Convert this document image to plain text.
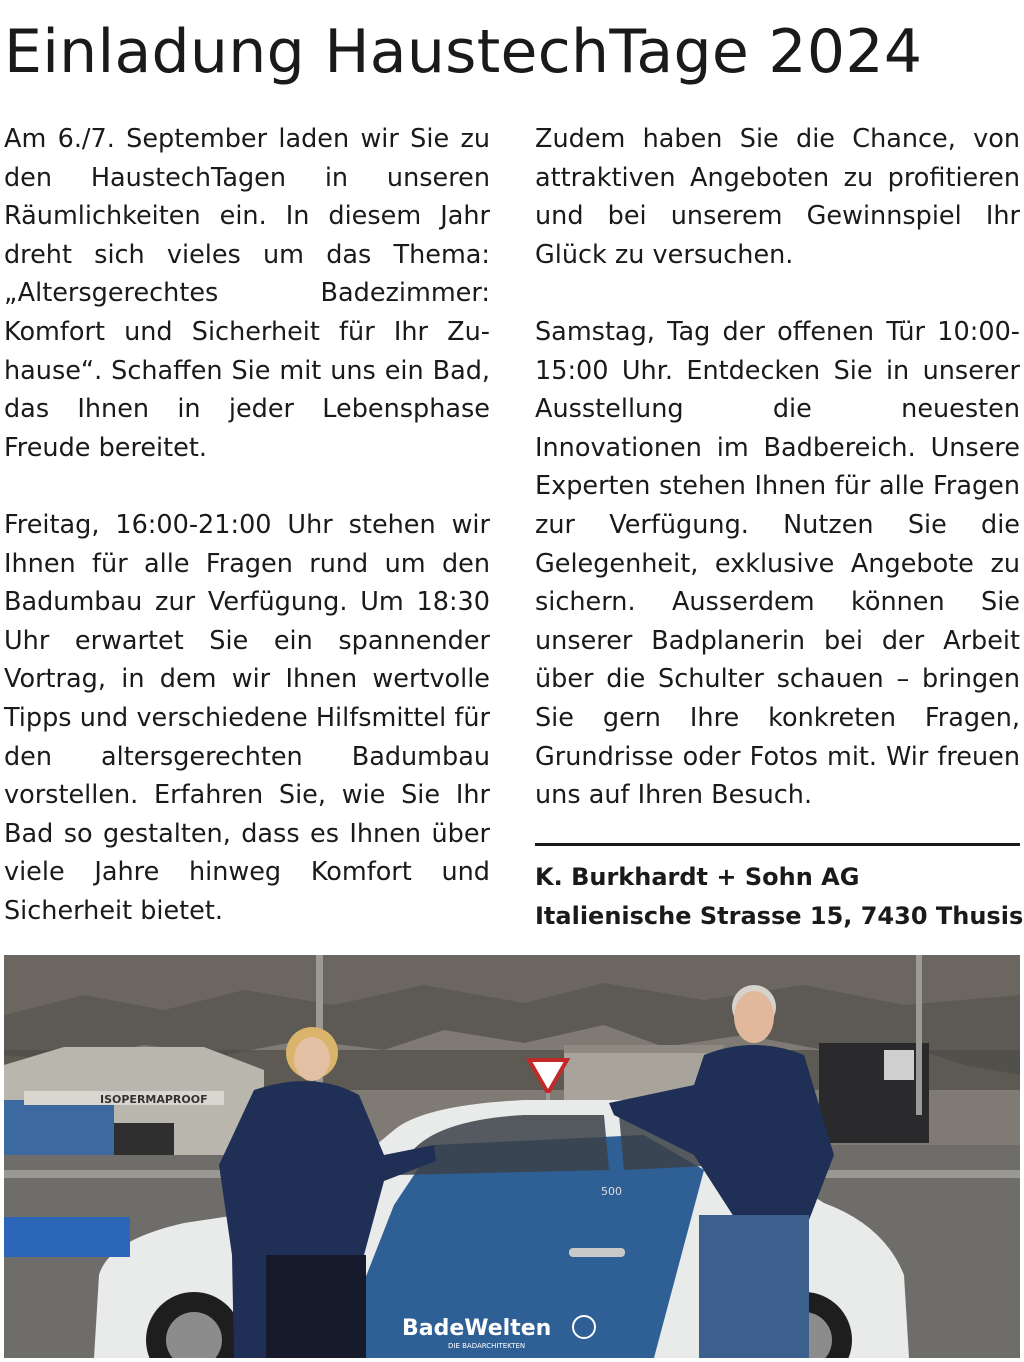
Einladung HaustechTage 2024

Am 6./7. September laden wir Sie zu den HaustechTagen in unseren Räumlichkeiten ein. In diesem Jahr dreht sich vieles um das Thema: „Altersgerechtes Badezimmer: Komfort und Sicherheit für Ihr Zuhause“. Schaffen Sie mit uns ein Bad, das Ihnen in jeder Lebensphase Freude bereitet.

Freitag, 16:00-21:00 Uhr stehen wir Ihnen für alle Fragen rund um den Badumbau zur Verfügung. Um 18:30 Uhr erwartet Sie ein spannender Vortrag, in dem wir Ihnen wertvolle Tipps und verschiedene Hilfsmittel für den altersgerechten Badumbau vorstellen. Erfahren Sie, wie Sie Ihr Bad so gestalten, dass es Ihnen über viele Jahre hinweg Komfort und Sicherheit bietet.

Zudem haben Sie die Chance, von attraktiven Angeboten zu profitieren und bei unserem Gewinnspiel Ihr Glück zu versuchen.

Samstag, Tag der offenen Tür 10:00-15:00 Uhr. Entdecken Sie in unserer Ausstellung die neuesten Innovationen im Badbereich. Unsere Experten stehen Ihnen für alle Fragen zur Verfügung. Nutzen Sie die Gelegenheit, exklusive Angebote zu sichern. Ausserdem können Sie unserer Badplanerin bei der Arbeit über die Schulter schauen – bringen Sie gern Ihre konkreten Fragen, Grundrisse oder Fotos mit. Wir freuen uns auf Ihren Besuch.

K. Burkhardt + Sohn AG
Italienische Strasse 15, 7430 Thusis
ISOPERMAPROOF
500
BadeWelten
DIE BADARCHITEKTEN
